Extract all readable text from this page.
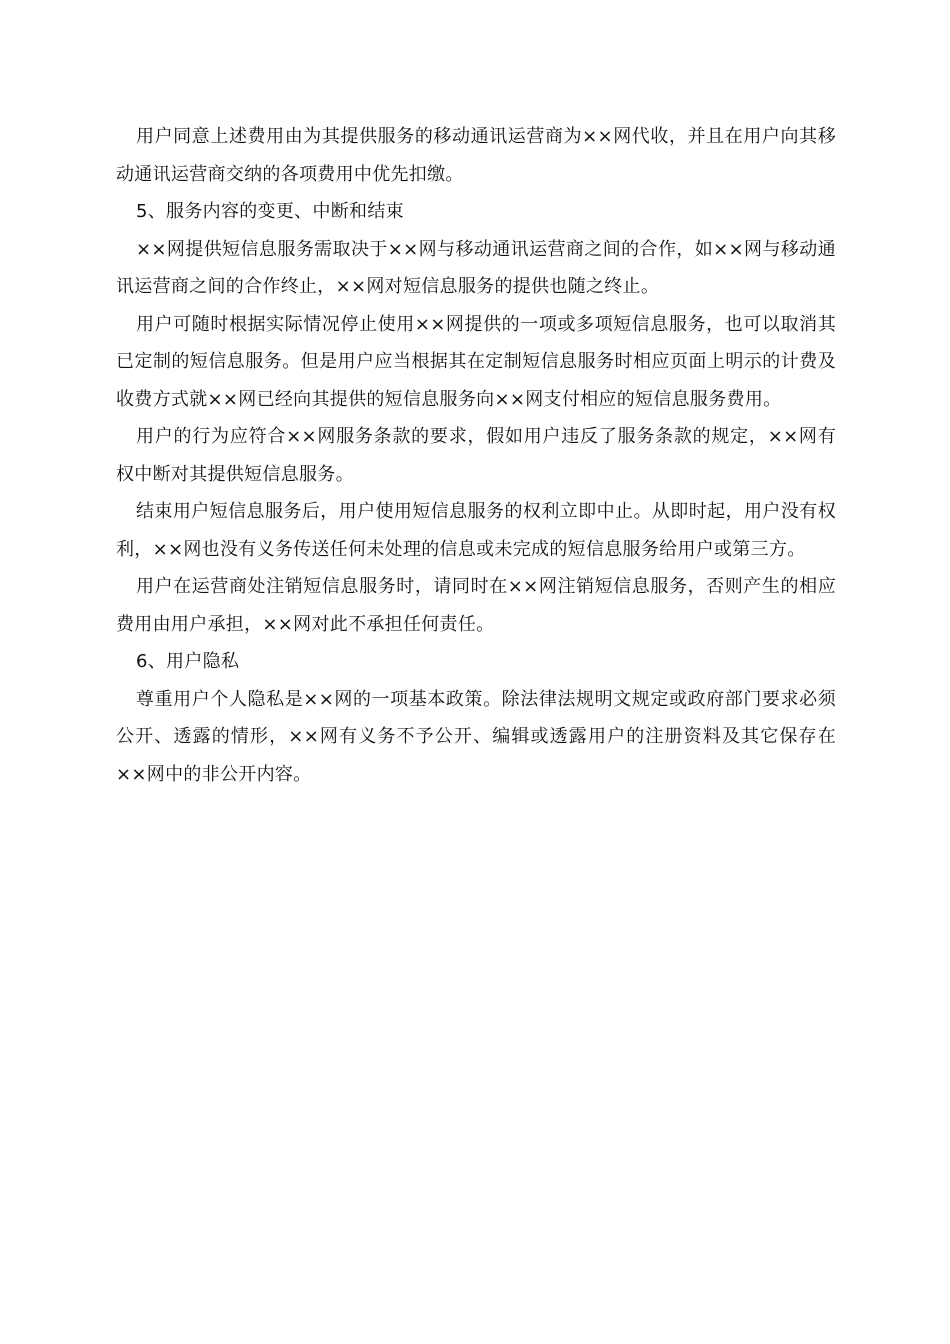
用户同意上述费用由为其提供服务的移动通讯运营商为××网代收，并且在用户向其移动通讯运营商交纳的各项费用中优先扣缴。

5、服务内容的变更、中断和结束

××网提供短信息服务需取决于××网与移动通讯运营商之间的合作，如××网与移动通讯运营商之间的合作终止，××网对短信息服务的提供也随之终止。

用户可随时根据实际情况停止使用××网提供的一项或多项短信息服务，也可以取消其已定制的短信息服务。但是用户应当根据其在定制短信息服务时相应页面上明示的计费及收费方式就××网已经向其提供的短信息服务向××网支付相应的短信息服务费用。

用户的行为应符合××网服务条款的要求，假如用户违反了服务条款的规定，××网有权中断对其提供短信息服务。

结束用户短信息服务后，用户使用短信息服务的权利立即中止。从即时起，用户没有权利，××网也没有义务传送任何未处理的信息或未完成的短信息服务给用户或第三方。

用户在运营商处注销短信息服务时，请同时在××网注销短信息服务，否则产生的相应费用由用户承担，××网对此不承担任何责任。

6、用户隐私

尊重用户个人隐私是××网的一项基本政策。除法律法规明文规定或政府部门要求必须公开、透露的情形，××网有义务不予公开、编辑或透露用户的注册资料及其它保存在××网中的非公开内容。
